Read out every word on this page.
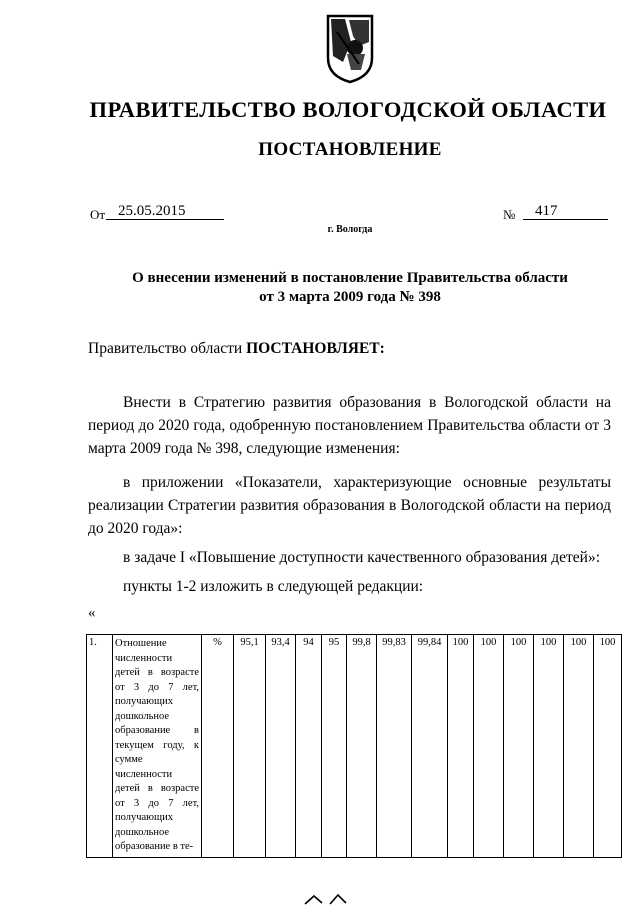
ПРАВИТЕЛЬСТВО ВОЛОГОДСКОЙ ОБЛАСТИ
ПОСТАНОВЛЕНИЕ
От 25.05.2015	№	417
г. Вологда
О внесении изменений в постановление Правительства области
от 3 марта 2009 года № 398
Правительство области ПОСТАНОВЛЯЕТ:
Внести в Стратегию развития образования в Вологодской области на период до 2020 года, одобренную постановлением Правительства области от 3 марта 2009 года № 398, следующие изменения:
в приложении «Показатели, характеризующие основные результаты реализации Стратегии развития образования в Вологодской области на период до 2020 года»:
в задаче I «Повышение доступности качественного образования детей»:
пункты 1-2 изложить в следующей редакции:
«
1.	Отношение численности детей в возрасте от 3 до 7 лет, получающих дошкольное образование в текущем году, к сумме численности детей в возрасте от 3 до 7 лет, получающих дошкольное образование в те-	%	95,1	93,4	94	95	99,8	99,83	99,84	100	100	100	100	100	100
